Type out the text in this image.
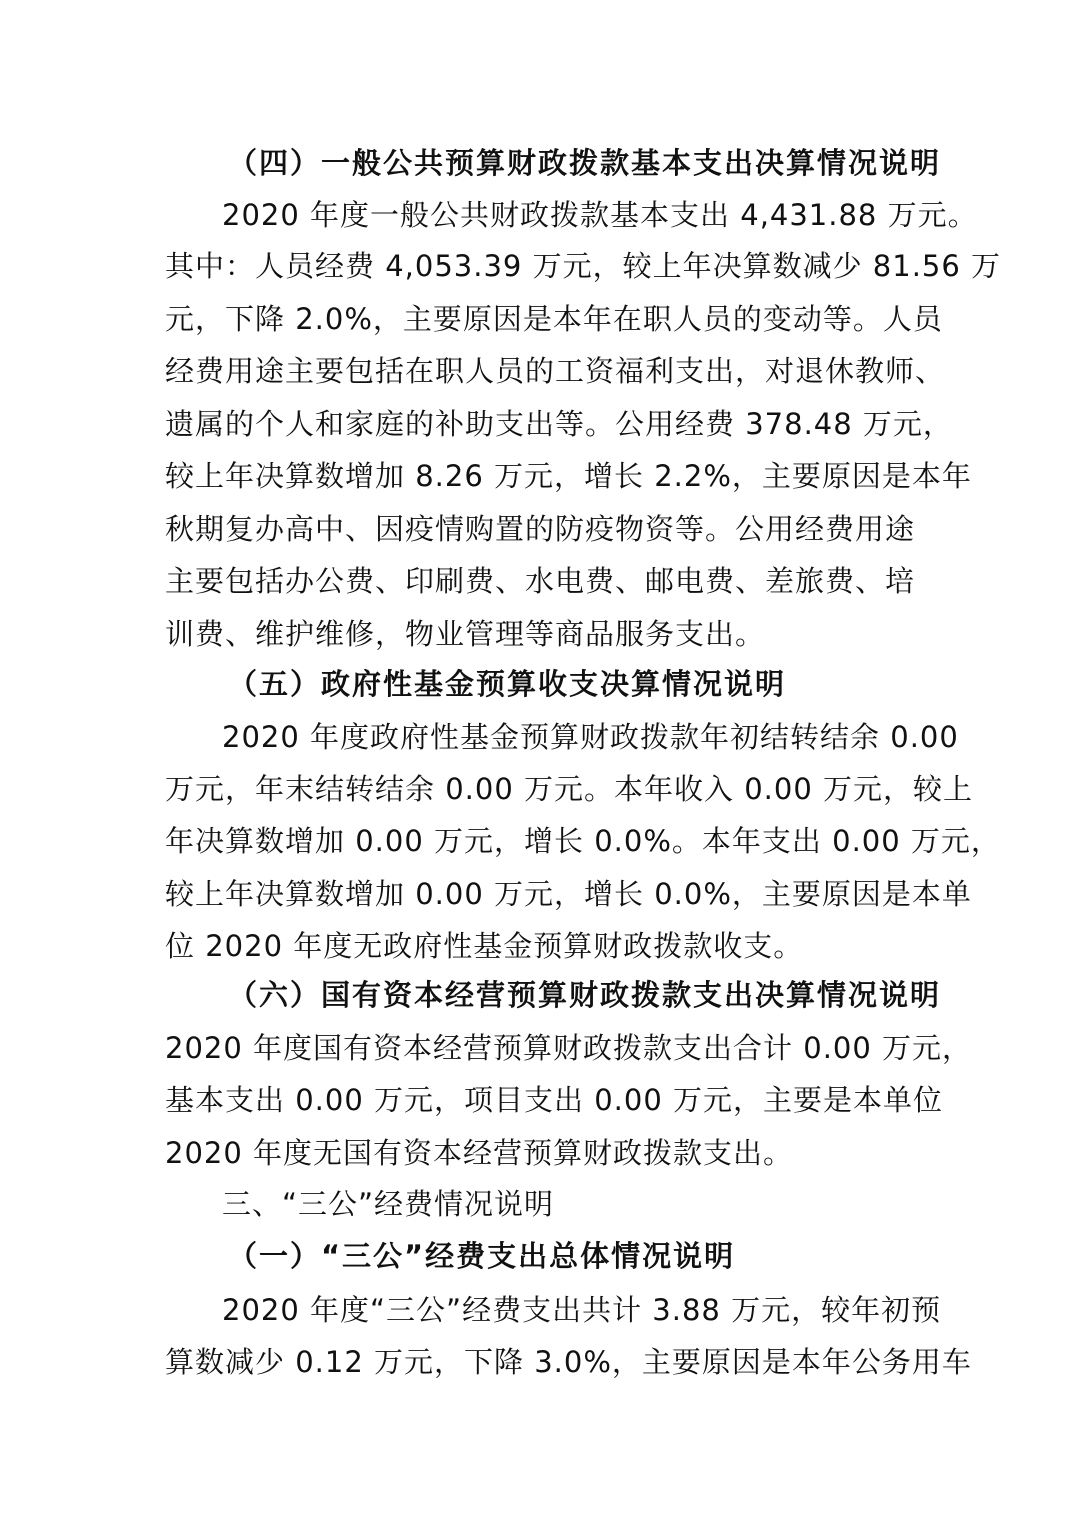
（四）一般公共预算财政拨款基本支出决算情况说明
2020 年度一般公共财政拨款基本支出 4,431.88 万元。
其中：人员经费 4,053.39 万元，较上年决算数减少 81.56 万
元，下降 2.0%，主要原因是本年在职人员的变动等。人员
经费用途主要包括在职人员的工资福利支出，对退休教师、
遗属的个人和家庭的补助支出等。公用经费 378.48 万元，
较上年决算数增加 8.26 万元，增长 2.2%，主要原因是本年
秋期复办高中、因疫情购置的防疫物资等。公用经费用途
主要包括办公费、印刷费、水电费、邮电费、差旅费、培
训费、维护维修，物业管理等商品服务支出。
（五）政府性基金预算收支决算情况说明
2020 年度政府性基金预算财政拨款年初结转结余 0.00
万元，年末结转结余 0.00 万元。本年收入 0.00 万元，较上
年决算数增加 0.00 万元，增长 0.0%。本年支出 0.00 万元，
较上年决算数增加 0.00 万元，增长 0.0%，主要原因是本单
位 2020 年度无政府性基金预算财政拨款收支。
（六）国有资本经营预算财政拨款支出决算情况说明
2020 年度国有资本经营预算财政拨款支出合计 0.00 万元，
基本支出 0.00 万元，项目支出 0.00 万元，主要是本单位
2020 年度无国有资本经营预算财政拨款支出。
三、“三公”经费情况说明
（一）“三公”经费支出总体情况说明
2020 年度“三公”经费支出共计 3.88 万元，较年初预
算数减少 0.12 万元，下降 3.0%，主要原因是本年公务用车
